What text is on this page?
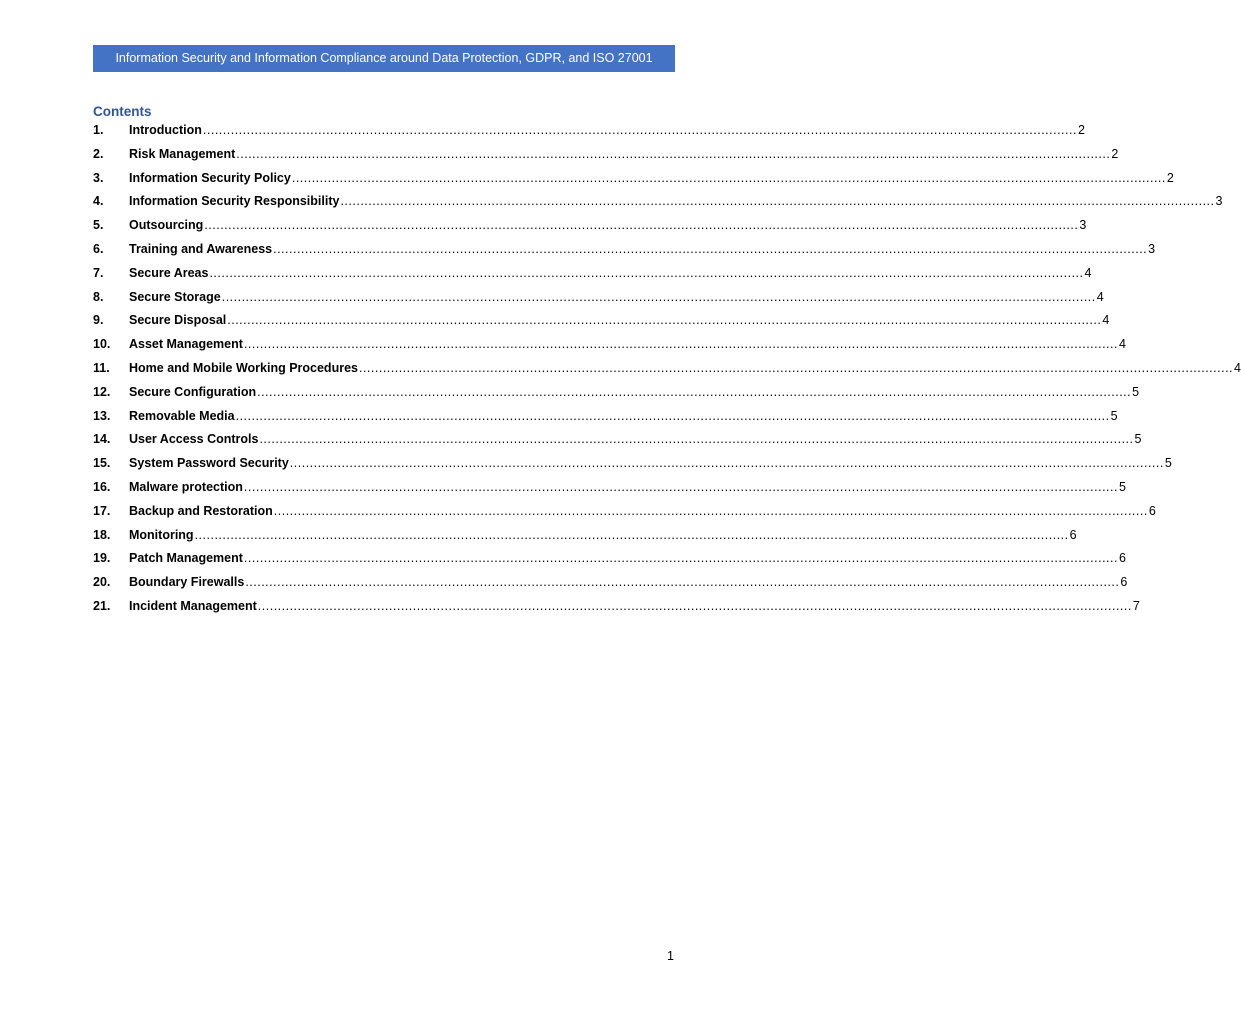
Information Security and Information Compliance around Data Protection, GDPR, and ISO 27001
Contents
1.	Introduction ............................................................................................................................................................................................................................ 2
2.	Risk Management ............................................................................................................................................................................................................................ 2
3.	Information Security Policy ............................................................................................................................................................................................................................ 2
4.	Information Security Responsibility ............................................................................................................................................................................................................................ 3
5.	Outsourcing ............................................................................................................................................................................................................................ 3
6.	Training and Awareness ............................................................................................................................................................................................................................ 3
7.	Secure Areas ............................................................................................................................................................................................................................ 4
8.	Secure Storage ............................................................................................................................................................................................................................ 4
9.	Secure Disposal ............................................................................................................................................................................................................................ 4
10.	Asset Management ............................................................................................................................................................................................................................ 4
11.	Home and Mobile Working Procedures ............................................................................................................................................................................................................................ 4
12.	Secure Configuration ............................................................................................................................................................................................................................ 5
13.	Removable Media ............................................................................................................................................................................................................................ 5
14.	User Access Controls ............................................................................................................................................................................................................................ 5
15.	System Password Security ............................................................................................................................................................................................................................ 5
16.	Malware protection ............................................................................................................................................................................................................................ 5
17.	Backup and Restoration ............................................................................................................................................................................................................................ 6
18.	Monitoring ............................................................................................................................................................................................................................ 6
19.	Patch Management ............................................................................................................................................................................................................................ 6
20.	Boundary Firewalls ............................................................................................................................................................................................................................ 6
21.	Incident Management ............................................................................................................................................................................................................................ 7
1
